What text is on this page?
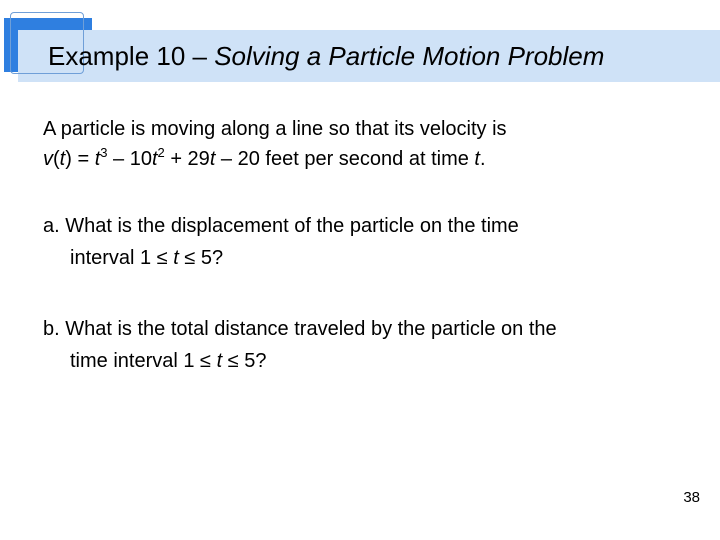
Example 10 – Solving a Particle Motion Problem
A particle is moving along a line so that its velocity is
$v(t) = t^3 - 10t^2 + 29t - 20$ feet per second at time t.
a. What is the displacement of the particle on the time
interval 1 ≤ t ≤ 5?
b. What is the total distance traveled by the particle on the
time interval 1 ≤ t ≤ 5?
38
